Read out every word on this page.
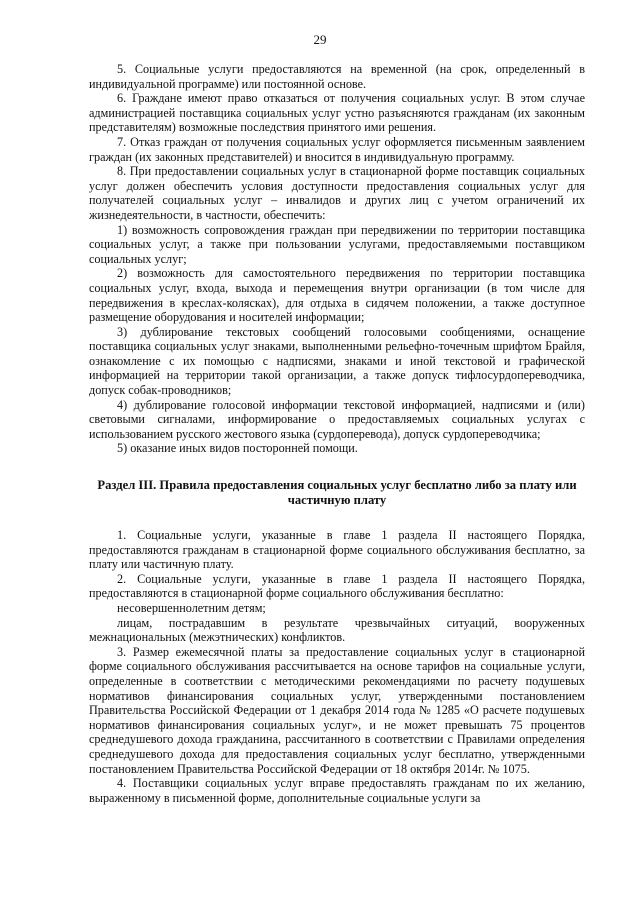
29

5. Социальные услуги предоставляются на временной (на срок, определенный в индивидуальной программе) или постоянной основе.

6. Граждане имеют право отказаться от получения социальных услуг. В этом случае администрацией поставщика социальных услуг устно разъясняются гражданам (их законным представителям) возможные последствия принятого ими решения.

7. Отказ граждан от получения социальных услуг оформляется письменным заявлением граждан (их законных представителей) и вносится в индивидуальную программу.

8. При предоставлении социальных услуг в стационарной форме поставщик социальных услуг должен обеспечить условия доступности предоставления социальных услуг для получателей социальных услуг – инвалидов и других лиц с учетом ограничений их жизнедеятельности, в частности, обеспечить:

1) возможность сопровождения граждан при передвижении по территории поставщика социальных услуг, а также при пользовании услугами, предоставляемыми поставщиком социальных услуг;

2) возможность для самостоятельного передвижения по территории поставщика социальных услуг, входа, выхода и перемещения внутри организации (в том числе для передвижения в креслах-колясках), для отдыха в сидячем положении, а также доступное размещение оборудования и носителей информации;

3) дублирование текстовых сообщений голосовыми сообщениями, оснащение поставщика социальных услуг знаками, выполненными рельефно-точечным шрифтом Брайля, ознакомление с их помощью с надписями, знаками и иной текстовой и графической информацией на территории такой организации, а также допуск тифлосурдопереводчика, допуск собак-проводников;

4) дублирование голосовой информации текстовой информацией, надписями и (или) световыми сигналами, информирование о предоставляемых социальных услугах с использованием русского жестового языка (сурдоперевода), допуск сурдопереводчика;

5) оказание иных видов посторонней помощи.

Раздел III. Правила предоставления социальных услуг бесплатно либо за плату или частичную плату

1. Социальные услуги, указанные в главе 1 раздела II настоящего Порядка, предоставляются гражданам в стационарной форме социального обслуживания бесплатно, за плату или частичную плату.

2. Социальные услуги, указанные в главе 1 раздела II настоящего Порядка, предоставляются в стационарной форме социального обслуживания бесплатно:

несовершеннолетним детям;

лицам, пострадавшим в результате чрезвычайных ситуаций, вооруженных межнациональных (межэтнических) конфликтов.

3. Размер ежемесячной платы за предоставление социальных услуг в стационарной форме социального обслуживания рассчитывается на основе тарифов на социальные услуги, определенные в соответствии с методическими рекомендациями по расчету подушевых нормативов финансирования социальных услуг, утвержденными постановлением Правительства Российской Федерации от 1 декабря 2014 года № 1285 «О расчете подушевых нормативов финансирования социальных услуг», и не может превышать 75 процентов среднедушевого дохода гражданина, рассчитанного в соответствии с Правилами определения среднедушевого дохода для предоставления социальных услуг бесплатно, утвержденными постановлением Правительства Российской Федерации от 18 октября 2014г. № 1075.

4. Поставщики социальных услуг вправе предоставлять гражданам по их желанию, выраженному в письменной форме, дополнительные социальные услуги за
